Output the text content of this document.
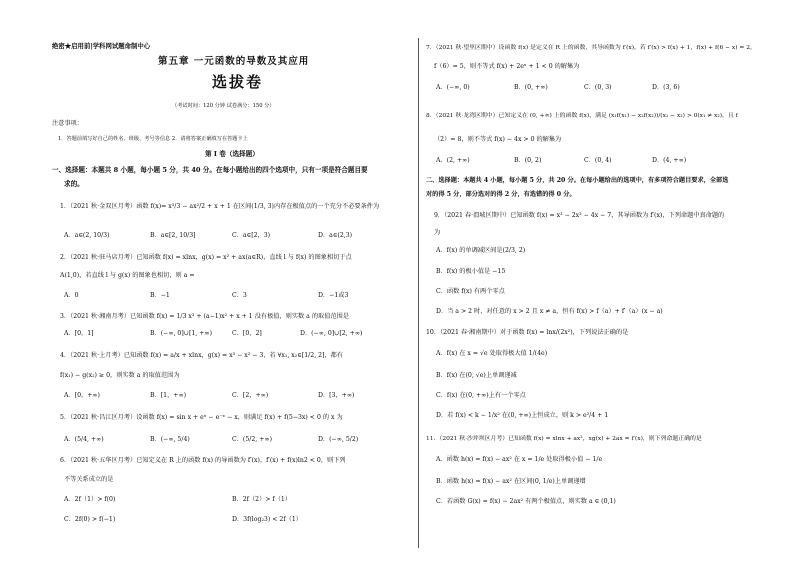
绝密★启用前|学科网试题命制中心
第五章 一元函数的导数及其应用
选拔卷
（考试时间：120 分钟 试卷满分：150 分）
注意事项：
1．答题前填写好自己的姓名、班级、考号等信息 2．请将答案正确填写在答题卡上
第 I 卷（选择题）
一、选择题：本题共 8 小题，每小题 5 分，共 40 分。在每小题给出的四个选项中，只有一项是符合题目要
求的。
1．（2021 秋·金双区月考）函数 f(x)= x³/3 − ax²/2 + x + 1 在区间(1/3, 3)内存在极值点的一个充分不必要条件为
A．a∈(2, 10/3)	B．a∈[2, 10/3]	C．a∈[2，3)	D．a∈(2,3)
2．（2021 秋·驻马店月考）已知函数 f(x) = xlnx，g(x) = x² + ax(a∈R)，直线 l 与 f(x) 的图象相切于点
A(1,0)，若直线 l 与 g(x) 的图象也相切，则 a =
A．0	B．−1	C．3	D．−1或3
3．（2021 秋·湘南月考）已知函数 f(x) = 1/3 x³ + (a−1)x² + x + 1 没有极值，则实数 a 的取值范围是
A．[0，1]	B．(−∞, 0]∪[1, +∞)	C．[0，2]	D．(−∞, 0]∪[2, +∞)
4．（2021 秋·上月考）已知函数 f(x) = a/x + xlnx，g(x) = x³ − x² − 3，若 ∀x₁, x₂∈[1/2, 2]，都有
f(x₁) − g(x₂) ≥ 0，则实数 a 的取值范围为
A．[0，+∞)	B．[1，+∞)	C．[2，+∞)	D．[3，+∞)
5．（2021 秋·昌江区月考）设函数 f(x) = sin x + eˣ − e⁻ˣ − x，则满足 f(x) + f(5−3x) < 0 的 x 为
A．(5/4, +∞)	B．(−∞, 5/4)	C．(5/2, +∞)	D．(−∞, 5/2)
6．（2021 秋·五华区月考）已知定义在 R 上的函数 f(x) 的导函数为 f′(x)，f′(x) + f(x)ln2 < 0，则下列
不等关系成立的是
A．2f（1）> f(0)	B．2f（2）> f（1）
C．2f(0) > f(−1)	D．3f(log₂3) < 2f（1）
7．（2021 秋·望里区期中）设函数 f(x) 是定义在 R 上的函数，其导函数为 f′(x)，若 f′(x) > f(x) + 1，f(x) + f(6 − x) = 2，
f（6）= 5，则不等式 f(x) + 2eˣ + 1 < 0 的解集为
A．(−∞, 0)	B．(0, +∞)	C．(0, 3)	D．(3, 6)
8．（2021 秋·龙湾区期中）已知定义在 (0, +∞) 上的函数 f(x)，满足 (x₁f(x₁) − x₂f(x₂))/(x₁ − x₂) > 0(x₁ ≠ x₂)，且 f
（2）= 8，则不等式 f(x) − 4x > 0 的解集为
A．(2, +∞)	B．(0, 2)	C．(0, 4)	D．(4, +∞)
二、选择题：本题共 4 小题，每小题 5 分，共 20 分。在每小题给出的选项中，有多项符合题目要求，全部选
对的得 5 分，部分选对的得 2 分，有选错的得 0 分。
9．（2021 春·渭城区期中）已知函数 f(x) = x³ − 2x² − 4x − 7，其导函数为 f′(x)，下列命题中真命题的
为
A．f(x) 的单调减区间是(2/3, 2)
B．f(x) 的极小值是 −15
C．函数 f(x) 有两个零点
D．当 a > 2 时，对任意的 x > 2 且 x ≠ a，恒有 f(x) > f（a）+ f′（a）(x − a)
10．（2021 春·湘南期中）对于函数 f(x) = lnx/(2x²)，下列说法正确的是
A．f(x) 在 x = √e 处取得极大值 1/(4e)
B．f(x) 在(0, √e)上单调递减
C．f(x) 在(0, +∞)上有一个零点
D．若 f(x) < k − 1/x² 在(0, +∞)上恒成立，则 k > e²/4 + 1
11．（2021 秋·沙坪坝区月考）已知函数 f(x) = xlnx + ax²，xg(x) + 2ax = f′(x)，则下列命题正确的是
A．函数 h(x) = f(x) − ax² 在 x = 1/e 处取得极小值 − 1/e
B．函数 h(x) = f(x) − ax² 在区间(0, 1/e)上单调递增
C．若函数 G(x) = f(x) − 2ax² 有两个极值点，则实数 a ∈ (0,1)
